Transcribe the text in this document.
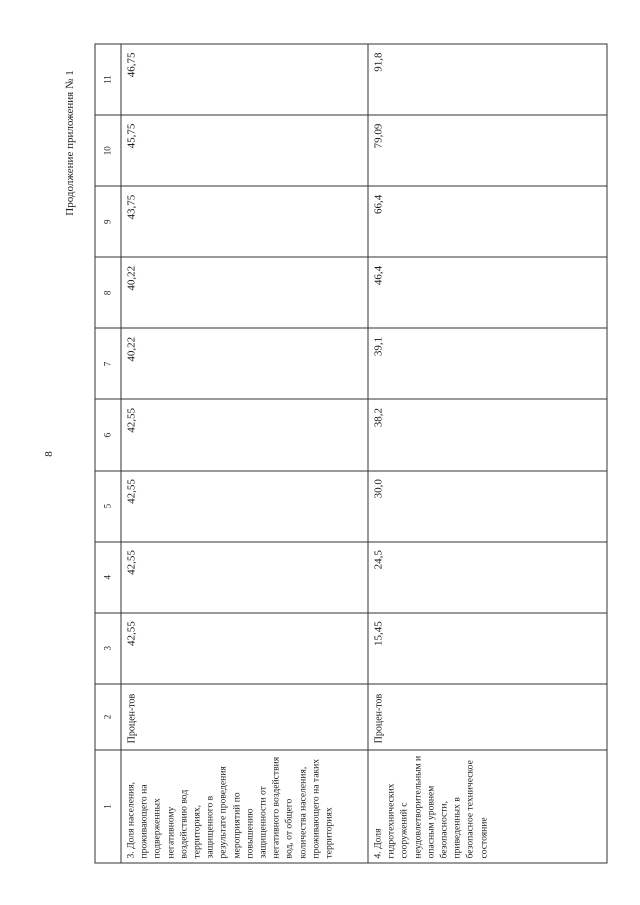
8
Продолжение приложения № 1
1	2	3	4	5	6	7	8	9	10	11

3. Доля населения, проживающего на подверженных негативному воздействию вод территориях, защищенного в результате проведения мероприятий по повышению защищенности от негативного воздействия вод, от общего количества населения, проживающего на таких территориях	Процен-тов	42,55	42,55	42,55	42,55	40,22	40,22	43,75	45,75	46,75

4. Доля гидротехнических сооружений с неудовлетворительным и опасным уровнем безопасности, приведенных в безопасное техническое состояние	Процен-тов	15,45	24,5	30,0	38,2	39,1	46,4	66,4	79,09	91,8
